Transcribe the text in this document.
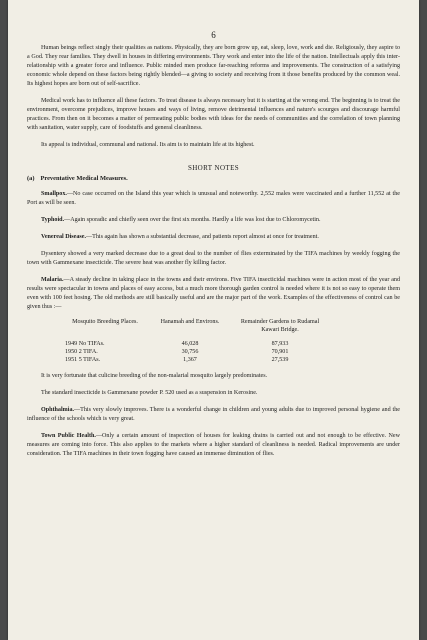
6

Human beings reflect singly their qualities as nations. Physically, they are born grow up, eat, sleep, love, work and die. Religiously, they aspire to a God. They rear families. They dwell in houses in differing environments. They work and enter into the life of the nation. Intellectuals apply this inter-relationship with a greater force and influence. Public minded men produce far-reaching reforms and improvements. The construction of a satisfying economic whole depend on these factors being rightly blended—a giving to society and receiving from it those benefits produced by the common weal. Its highest hopes are born out of self-sacrifice.

Medical work has to influence all these factors. To treat disease is always necessary but it is starting at the wrong end. The beginning is to treat the environment, overcome prejudices, improve houses and ways of living, remove detrimental influences and nature's scourges and discourage harmful practices. From then on it becomes a matter of permeating public bodies with ideas for the needs of communities and the correlation of town planning with sanitation, water supply, care of foodstuffs and general cleanliness.

Its appeal is individual, communal and national. Its aim is to maintain life at its highest.

SHORT NOTES
(a) Preventative Medical Measures.

Smallpox.—No case occurred on the Island this year which is unusual and noteworthy. 2,552 males were vaccinated and a further 11,552 at the Port as will be seen.

Typhoid.—Again sporadic and chiefly seen over the first six months. Hardly a life was lost due to Chloromycetin.

Venereal Disease.—This again has shown a substantial decrease, and patients report almost at once for treatment.

Dysentery showed a very marked decrease due to a great deal to the number of flies exterminated by the TIFA machines by weekly fogging the town with Gammexane insecticide. The severe heat was another fly killing factor.

Malaria.—A steady decline in taking place in the towns and their environs. Five TIFA insecticidal machines were in action most of the year and results were spectacular in towns and places of easy access, but a much more thorough garden control is needed where it is not so easy to operate them even with 100 feet hosing. The old methods are still basically useful and are the major part of the work. Examples of the effectiveness of control can be given thus :—

Mosquito Breeding Places.	Hanamah and Environs.	Remainder Gardens to Rudamal Kawari Bridge.
1949 No TIFAs.	46,028	87,933
1950 2 TIFA.	30,756	70,901
1951 5 TIFAs.	1,367	27,539

It is very fortunate that culicine breeding of the non-malarial mosquito largely predominates.

The standard insecticide is Gammexane powder P. 520 used as a suspension in Kerosine.

Ophthalmia.—This very slowly improves. There is a wonderful change in children and young adults due to improved personal hygiene and the influence of the schools which is very great.

Town Public Health.—Only a certain amount of inspection of houses for leaking drains is carried out and not enough to be effective. New measures are coming into force. This also applies to the markets where a higher standard of cleanliness is needed. Radical improvements are under consideration. The TIFA machines in their town fogging have caused an immense diminution of flies.
